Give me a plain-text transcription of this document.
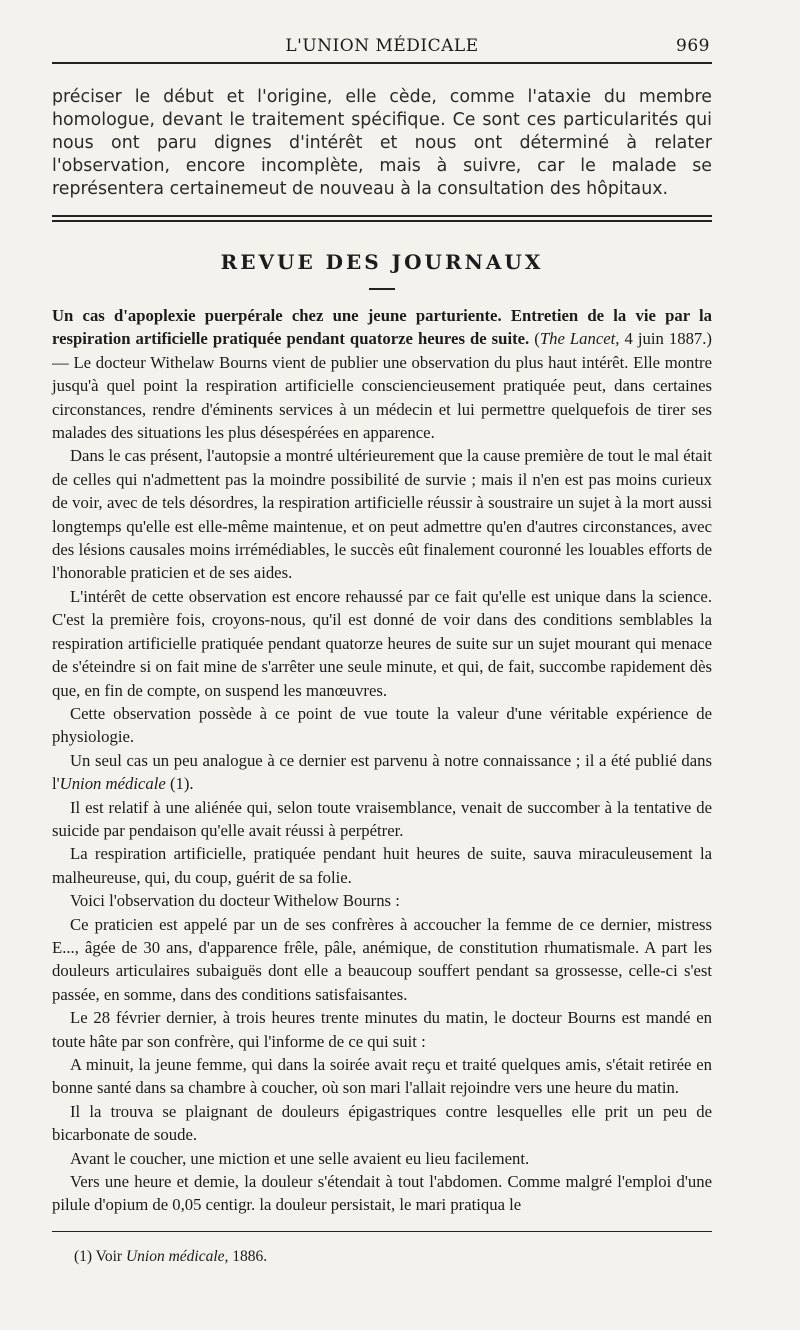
L'UNION MÉDICALE	969

préciser le début et l'origine, elle cède, comme l'ataxie du membre homologue, devant le traitement spécifique. Ce sont ces particularités qui nous ont paru dignes d'intérêt et nous ont déterminé à relater l'observation, encore incomplète, mais à suivre, car le malade se représentera certainemeut de nouveau à la consultation des hôpitaux.

REVUE DES JOURNAUX

Un cas d'apoplexie puerpérale chez une jeune parturiente. Entretien de la vie par la respiration artificielle pratiquée pendant quatorze heures de suite. (The Lancet, 4 juin 1887.) — Le docteur Withelaw Bourns vient de publier une observation du plus haut intérêt. Elle montre jusqu'à quel point la respiration artificielle consciencieusement pratiquée peut, dans certaines circonstances, rendre d'éminents services à un médecin et lui permettre quelquefois de tirer ses malades des situations les plus désespérées en apparence.

Dans le cas présent, l'autopsie a montré ultérieurement que la cause première de tout le mal était de celles qui n'admettent pas la moindre possibilité de survie ; mais il n'en est pas moins curieux de voir, avec de tels désordres, la respiration artificielle réussir à soustraire un sujet à la mort aussi longtemps qu'elle est elle-même maintenue, et on peut admettre qu'en d'autres circonstances, avec des lésions causales moins irrémédiables, le succès eût finalement couronné les louables efforts de l'honorable praticien et de ses aides.

L'intérêt de cette observation est encore rehaussé par ce fait qu'elle est unique dans la science. C'est la première fois, croyons-nous, qu'il est donné de voir dans des conditions semblables la respiration artificielle pratiquée pendant quatorze heures de suite sur un sujet mourant qui menace de s'éteindre si on fait mine de s'arrêter une seule minute, et qui, de fait, succombe rapidement dès que, en fin de compte, on suspend les manœuvres.

Cette observation possède à ce point de vue toute la valeur d'une véritable expérience de physiologie.

Un seul cas un peu analogue à ce dernier est parvenu à notre connaissance ; il a été publié dans l'Union médicale (1).

Il est relatif à une aliénée qui, selon toute vraisemblance, venait de succomber à la tentative de suicide par pendaison qu'elle avait réussi à perpétrer.

La respiration artificielle, pratiquée pendant huit heures de suite, sauva miraculeusement la malheureuse, qui, du coup, guérit de sa folie.

Voici l'observation du docteur Withelow Bourns :

Ce praticien est appelé par un de ses confrères à accoucher la femme de ce dernier, mistress E..., âgée de 30 ans, d'apparence frêle, pâle, anémique, de constitution rhumatismale. A part les douleurs articulaires subaiguës dont elle a beaucoup souffert pendant sa grossesse, celle-ci s'est passée, en somme, dans des conditions satisfaisantes.

Le 28 février dernier, à trois heures trente minutes du matin, le docteur Bourns est mandé en toute hâte par son confrère, qui l'informe de ce qui suit :

A minuit, la jeune femme, qui dans la soirée avait reçu et traité quelques amis, s'était retirée en bonne santé dans sa chambre à coucher, où son mari l'allait rejoindre vers une heure du matin.

Il la trouva se plaignant de douleurs épigastriques contre lesquelles elle prit un peu de bicarbonate de soude.

Avant le coucher, une miction et une selle avaient eu lieu facilement.

Vers une heure et demie, la douleur s'étendait à tout l'abdomen. Comme malgré l'emploi d'une pilule d'opium de 0,05 centigr. la douleur persistait, le mari pratiqua le

(1) Voir Union médicale, 1886.
